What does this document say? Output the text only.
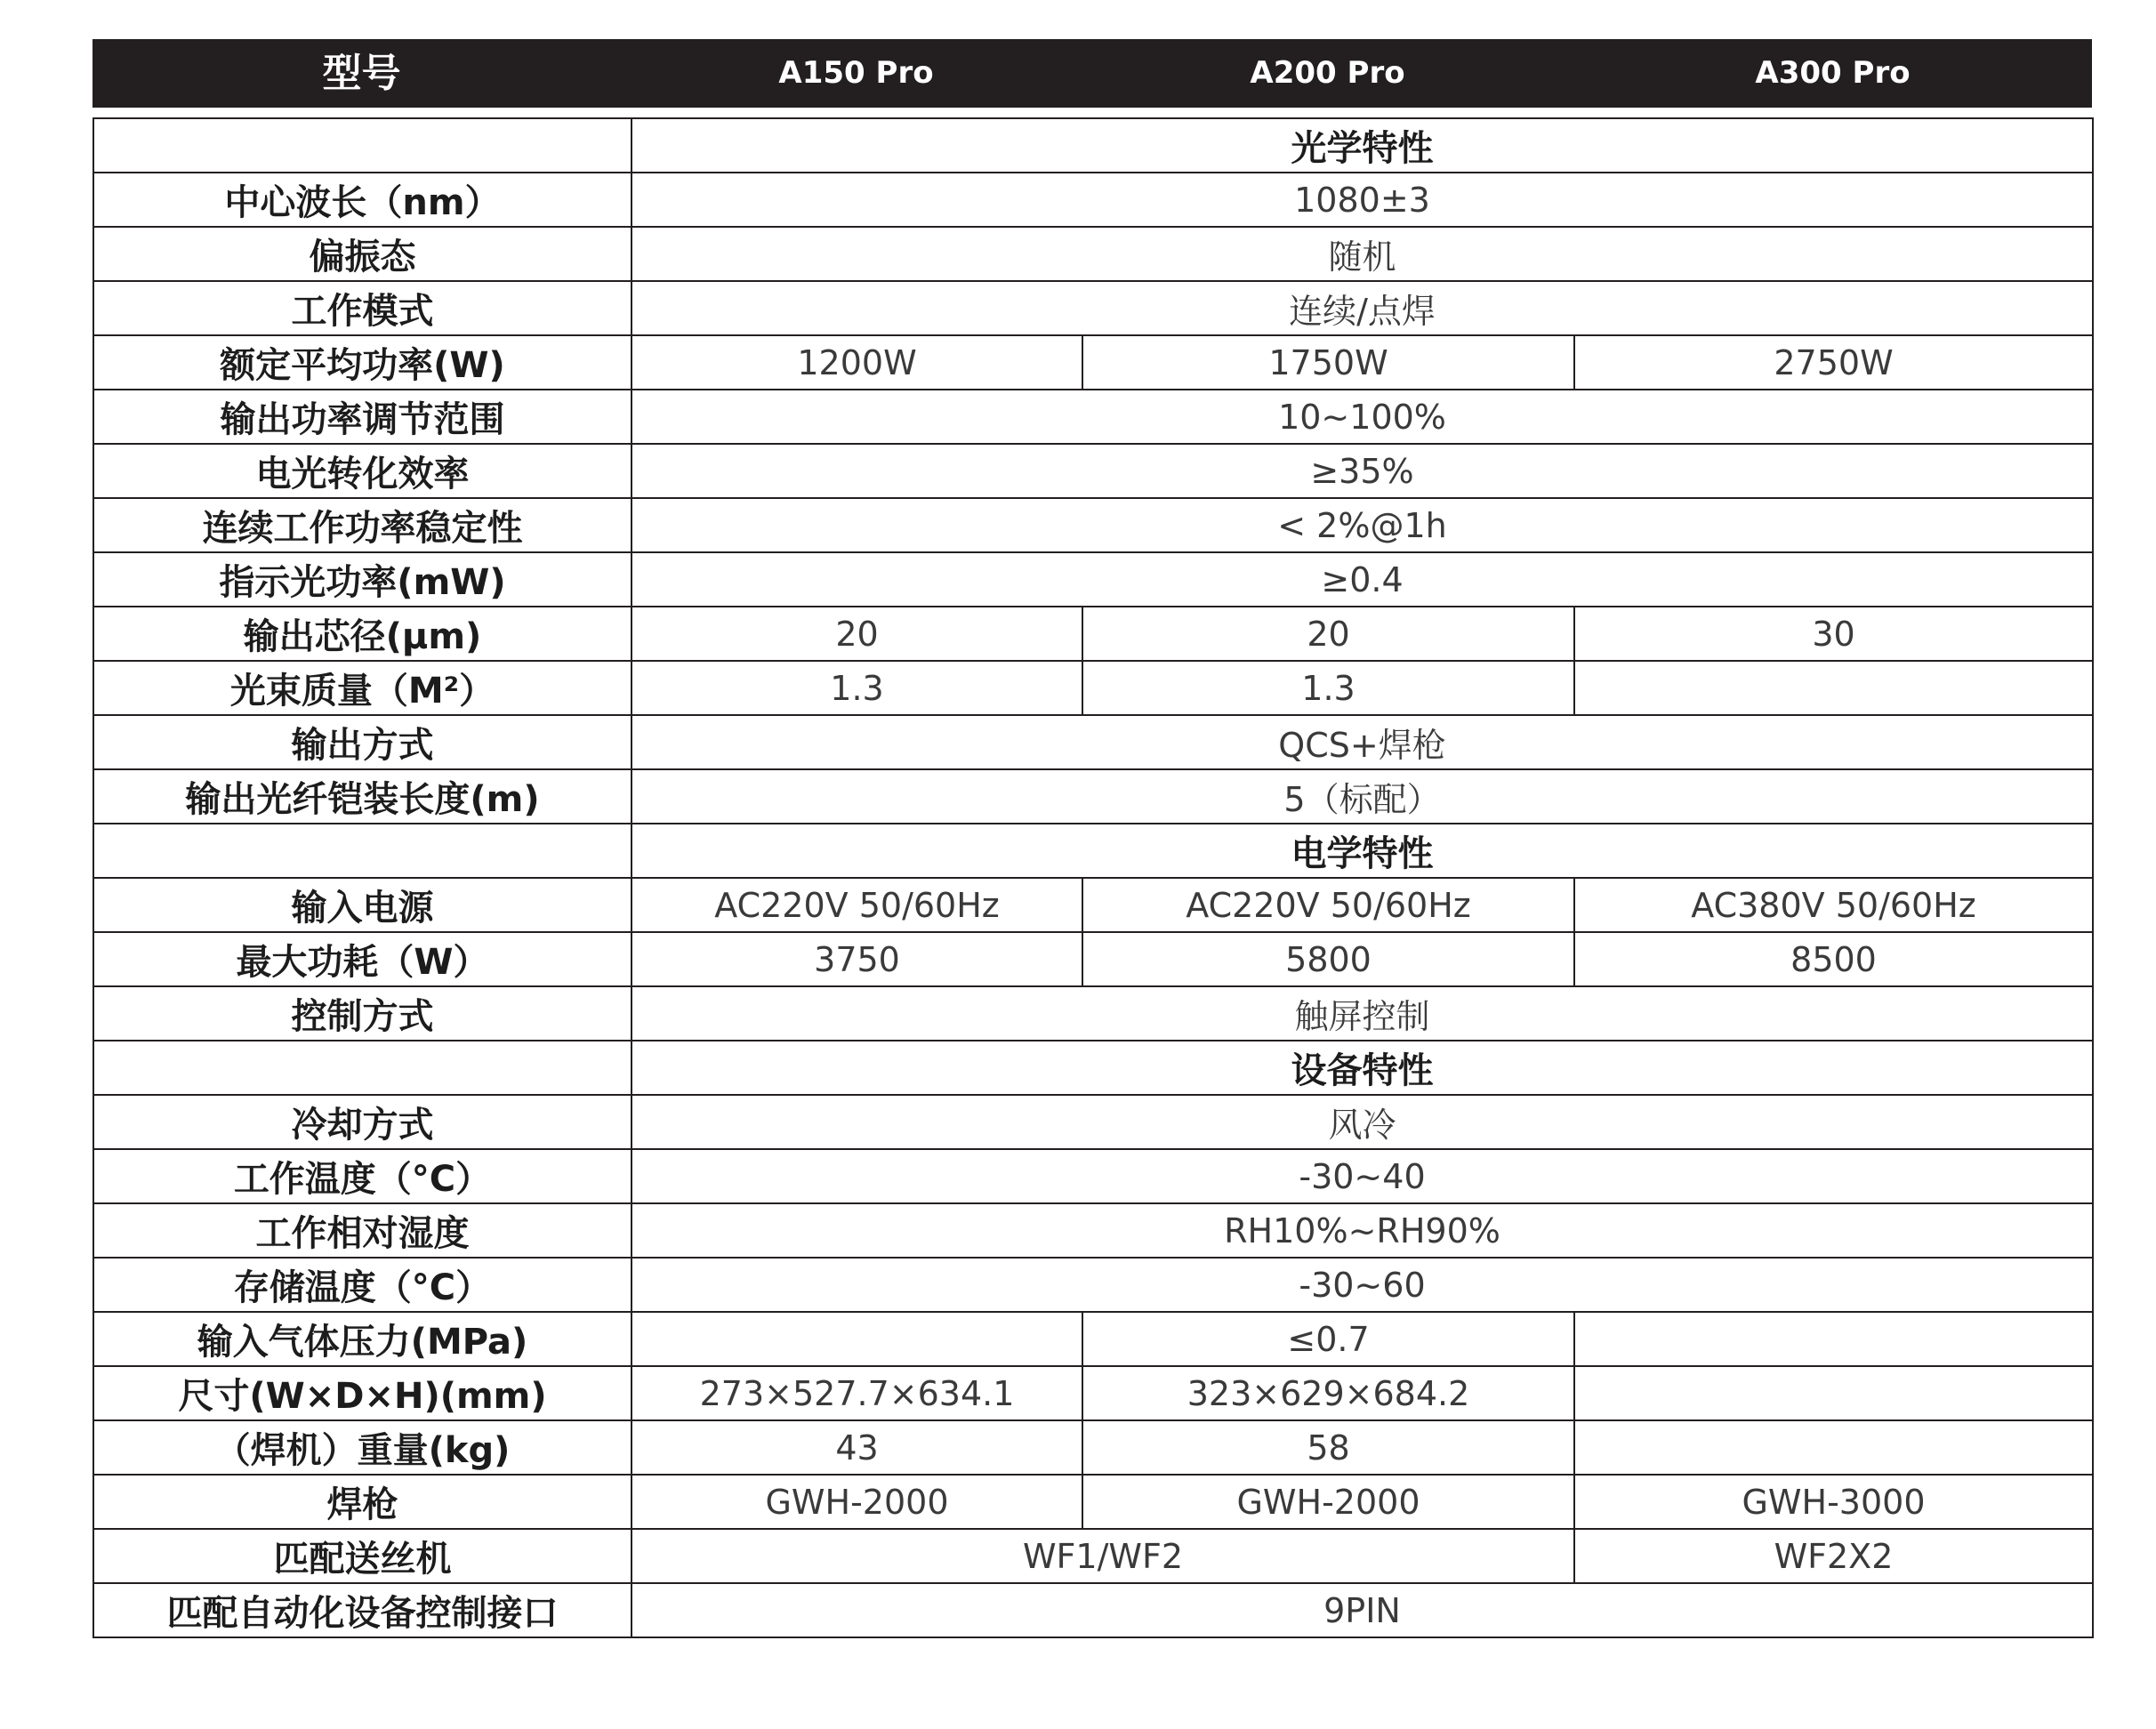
型号	A150 Pro	A200 Pro	A300 Pro
	光学特性		
中心波长（nm）	1080±3		
偏振态	随机		
工作模式	连续/点焊		
额定平均功率(W)	1200W	1750W	2750W
输出功率调节范围	10~100%		
电光转化效率	≥35%		
连续工作功率稳定性	< 2%@1h		
指示光功率(mW)	≥0.4		
输出芯径(μm)	20	20	30
光束质量（M²）	1.3	1.3	
输出方式	QCS+焊枪		
输出光纤铠装长度(m)	5（标配）		
	电学特性		
输入电源	AC220V 50/60Hz	AC220V 50/60Hz	AC380V 50/60Hz
最大功耗（W）	3750	5800	8500
控制方式	触屏控制		
	设备特性		
冷却方式	风冷		
工作温度（°C）	-30~40		
工作相对湿度	RH10%~RH90%		
存储温度（°C）	-30~60		
输入气体压力(MPa)		≤0.7	
尺寸(W×D×H)(mm)	273×527.7×634.1	323×629×684.2	
（焊机）重量(kg)	43	58	
焊枪	GWH-2000	GWH-2000	GWH-3000
匹配送丝机	WF1/WF2		WF2X2
匹配自动化设备控制接口	9PIN		
